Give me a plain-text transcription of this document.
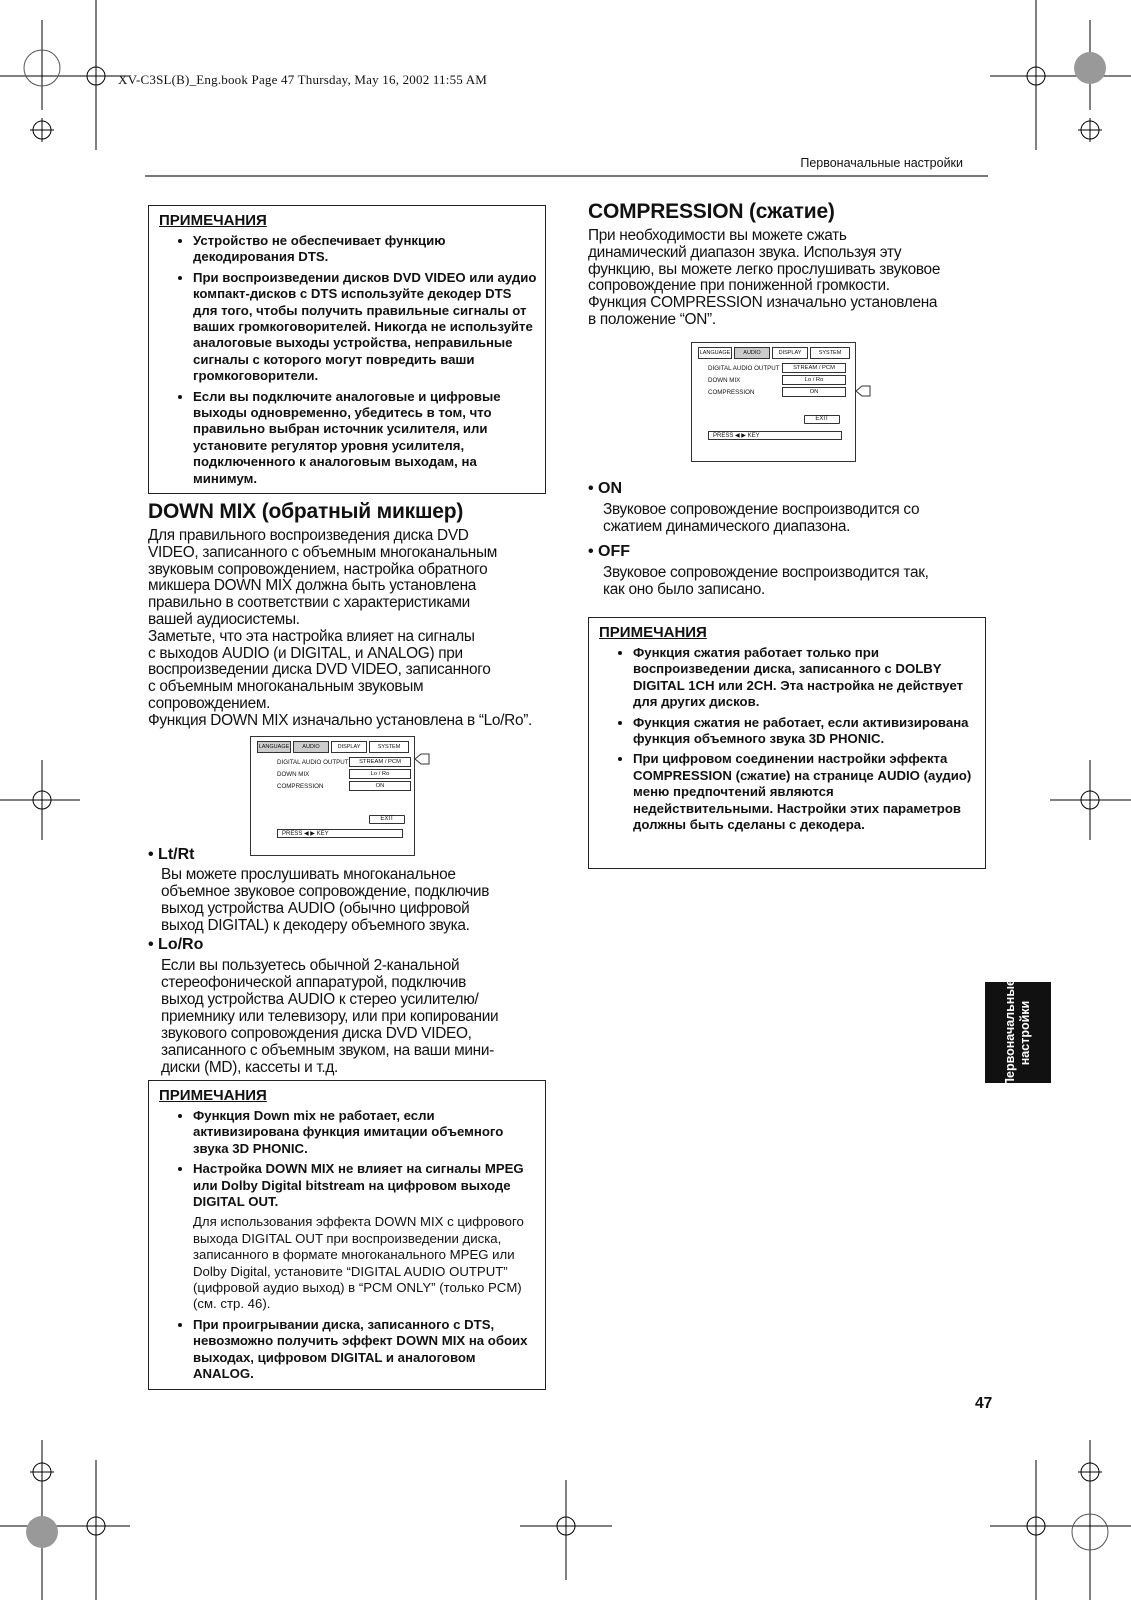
XV-C3SL(B)_Eng.book Page 47 Thursday, May 16, 2002 11:55 AM
Первоначальные настройки
ПРИМЕЧАНИЯ
• Устройство не обеспечивает функцию декодирования DTS.
• При воспроизведении дисков DVD VIDEO или аудио компакт-дисков с DTS используйте декодер DTS для того, чтобы получить правильные сигналы от ваших громкоговорителей. Никогда не используйте аналоговые выходы устройства, неправильные сигналы с которого могут повредить ваши громкоговорители.
• Если вы подключите аналоговые и цифровые выходы одновременно, убедитесь в том, что правильно выбран источник усилителя, или установите регулятор уровня усилителя, подключенного к аналоговым выходам, на минимум.
DOWN MIX (обратный микшер)
Для правильного воспроизведения диска DVD
VIDEO, записанного с объемным многоканальным
звуковым сопровождением, настройка обратного
микшера DOWN MIX должна быть установлена
правильно в соответствии с характеристиками
вашей аудиосистемы.
Заметьте, что эта настройка влияет на сигналы
с выходов AUDIO (и DIGITAL, и ANALOG) при
воспроизведении диска DVD VIDEO, записанного
с объемным многоканальным звуковым
сопровождением.
Функция DOWN MIX изначально установлена в “Lo/Ro”.
LANGUAGE	AUDIO	DISPLAY	SYSTEM
DIGITAL AUDIO OUTPUT	STREAM / PCM
DOWN MIX	Lo / Ro
COMPRESSION	ON
EXIT
PRESS ◀ ▶ KEY
• Lt/Rt
Вы можете прослушивать многоканальное
объемное звуковое сопровождение, подключив
выход устройства AUDIO (обычно цифровой
выход DIGITAL) к декодеру объемного звука.
• Lo/Ro
Если вы пользуетесь обычной 2-канальной
стереофонической аппаратурой, подключив
выход устройства AUDIO к стерео усилителю/
приемнику или телевизору, или при копировании
звукового сопровождения диска DVD VIDEO,
записанного с объемным звуком, на ваши мини-
диски (MD), кассеты и т.д.
ПРИМЕЧАНИЯ
• Функция Down mix не работает, если активизирована функция имитации объемного звука 3D PHONIC.
• Настройка DOWN MIX не влияет на сигналы MPEG или Dolby Digital bitstream на цифровом выходе DIGITAL OUT.
Для использования эффекта DOWN MIX с цифрового выхода DIGITAL OUT при воспроизведении диска, записанного в формате многоканального MPEG или Dolby Digital, установите “DIGITAL AUDIO OUTPUT” (цифровой аудио выход) в “PCM ONLY” (только PCM) (см. стр. 46).
• При проигрывании диска, записанного с DTS, невозможно получить эффект DOWN MIX на обоих выходах, цифровом DIGITAL и аналоговом ANALOG.
COMPRESSION (сжатие)
При необходимости вы можете сжать
динамический диапазон звука. Используя эту
функцию, вы можете легко прослушивать звуковое
сопровождение при пониженной громкости.
Функция COMPRESSION изначально установлена
в положение “ON”.
LANGUAGE	AUDIO	DISPLAY	SYSTEM
DIGITAL AUDIO OUTPUT	STREAM / PCM
DOWN MIX	Lo / Ro
COMPRESSION	ON
EXIT
PRESS ◀ ▶ KEY
• ON
Звуковое сопровождение воспроизводится со
сжатием динамического диапазона.
• OFF
Звуковое сопровождение воспроизводится так,
как оно было записано.
ПРИМЕЧАНИЯ
• Функция сжатия работает только при воспроизведении диска, записанного с DOLBY DIGITAL 1CH или 2CH. Эта настройка не действует для других дисков.
• Функция сжатия не работает, если активизирована функция объемного звука 3D PHONIC.
• При цифровом соединении настройки эффекта COMPRESSION (сжатие) на странице AUDIO (аудио) меню предпочтений являются недействительными. Настройки этих параметров должны быть сделаны с декодера.
Первоначальные
настройки
47
